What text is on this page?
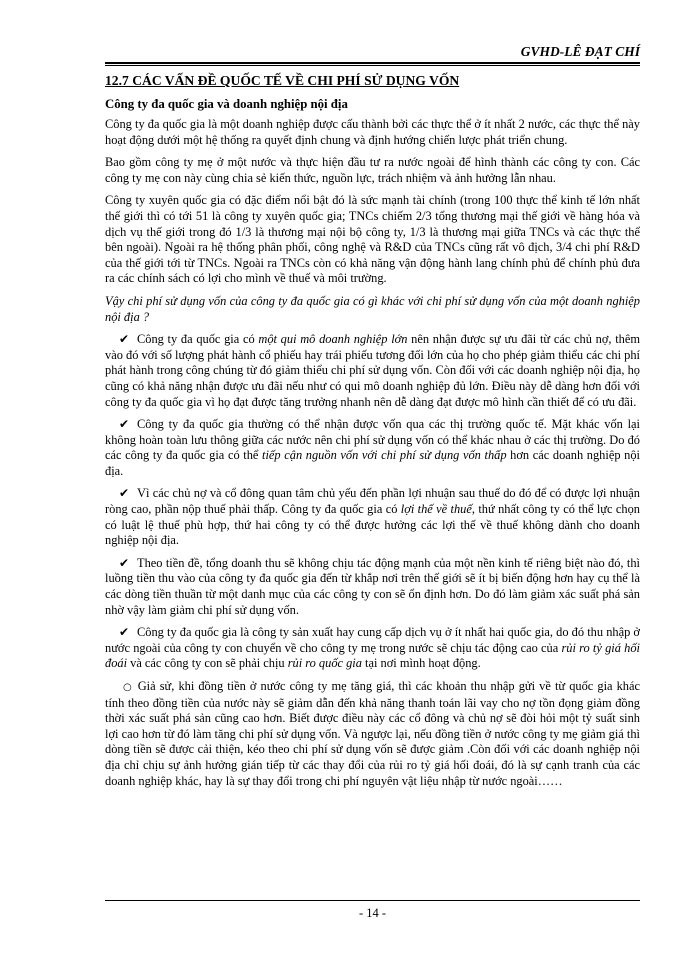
GVHD-LÊ ĐẠT CHÍ
12.7 CÁC VẤN ĐỀ QUỐC TẾ VỀ CHI PHÍ SỬ DỤNG VỐN
Công ty đa quốc gia và doanh nghiệp nội địa

Công ty đa quốc gia là một doanh nghiệp được cấu thành bởi các thực thể ở ít nhất 2 nước, các thực thể này hoạt động dưới một hệ thống ra quyết định chung và định hướng chiến lược phát triển chung.

Bao gồm công ty mẹ ở một nước và thực hiện đầu tư ra nước ngoài để hình thành các công ty con. Các công ty mẹ con này cùng chia sẻ kiến thức, nguồn lực, trách nhiệm và ảnh hưởng lẫn nhau.

Công ty xuyên quốc gia có đặc điểm nổi bật đó là sức mạnh tài chính (trong 100 thực thể kinh tế lớn nhất thế giới thì có tới 51 là công ty xuyên quốc gia; TNCs chiếm 2/3 tổng thương mại thế giới về hàng hóa và dịch vụ thế giới trong đó 1/3 là thương mại nội bộ công ty, 1/3 là thương mại giữa TNCs và các thực thể bên ngoài). Ngoài ra hệ thống phân phối, công nghệ và R&D của TNCs cũng rất vô địch, 3/4 chi phí R&D của thế giới tới từ TNCs. Ngoài ra TNCs còn có khả năng vận động hành lang chính phủ để chính phủ đưa ra các chính sách có lợi cho mình về thuế và môi trường.

Vậy chi phí sử dụng vốn của công ty đa quốc gia có gì khác với chi phí sử dụng vốn của một doanh nghiệp nội địa ?

✔ Công ty đa quốc gia có một qui mô doanh nghiệp lớn nên nhận được sự ưu đãi từ các chủ nợ, thêm vào đó với số lượng phát hành cổ phiếu hay trái phiếu tương đối lớn của họ cho phép giảm thiểu các chi phí phát hành trong công chúng từ đó giảm thiểu chi phí sử dụng vốn. Còn đối với các doanh nghiệp nội địa, họ cũng có khả năng nhận được ưu đãi nếu như có qui mô doanh nghiệp đủ lớn. Điều này dễ dàng hơn đối với công ty đa quốc gia vì họ đạt được tăng trưởng nhanh nên dễ dàng đạt được mô hình cần thiết để có ưu đãi.

✔ Công ty đa quốc gia thường có thể nhận được vốn qua các thị trường quốc tế. Mặt khác vốn lại không hoàn toàn lưu thông giữa các nước nên chi phí sử dụng vốn có thể khác nhau ở các thị trường. Do đó các công ty đa quốc gia có thể tiếp cận nguồn vốn với chi phí sử dụng vốn thấp hơn các doanh nghiệp nội địa.

✔ Vì các chủ nợ và cổ đông quan tâm chủ yếu đến phần lợi nhuận sau thuế do đó để có được lợi nhuận ròng cao, phần nộp thuế phải thấp. Công ty đa quốc gia có lợi thế về thuế, thứ nhất công ty có thể lực chọn có luật lệ thuế phù hợp, thứ hai công ty có thể được hưởng các lợi thế về thuế không dành cho doanh nghiệp nội địa.

✔ Theo tiền đề, tổng doanh thu sẽ không chịu tác động mạnh của một nền kinh tế riêng biệt nào đó, thì luồng tiền thu vào của công ty đa quốc gia đến từ khắp nơi trên thế giới sẽ ít bị biến động hơn hay cụ thể là các dòng tiền thuần từ một danh mục của các công ty con sẽ ổn định hơn. Do đó làm giảm xác suất phá sản nhờ vậy làm giảm chi phí sử dụng vốn.

✔ Công ty đa quốc gia là công ty sản xuất hay cung cấp dịch vụ ở ít nhất hai quốc gia, do đó thu nhập ở nước ngoài của công ty con chuyển về cho công ty mẹ trong nước sẽ chịu tác động cao của rủi ro tỷ giá hối đoái và các công ty con sẽ phải chịu rủi ro quốc gia tại nơi mình hoạt động.

○ Giả sử, khi đồng tiền ở nước công ty mẹ tăng giá, thì các khoản thu nhập gửi về từ quốc gia khác tính theo đồng tiền của nước này sẽ giảm dẫn đến khả năng thanh toán lãi vay cho nợ tồn đọng giảm đồng thời xác suất phá sản cũng cao hơn. Biết được điều này các cổ đông và chủ nợ sẽ đòi hỏi một tỷ suất sinh lợi cao hơn từ đó làm tăng chi phí sử dụng vốn. Và ngược lại, nếu đồng tiền ở nước công ty mẹ giảm giá thì dòng tiền sẽ được cải thiện, kéo theo chi phí sử dụng vốn sẽ được giảm .Còn đối với các doanh nghiệp nội địa chỉ chịu sự ảnh hưởng gián tiếp từ các thay đổi của rủi ro tỷ giá hối đoái, đó là sự cạnh tranh của các doanh nghiệp khác, hay là sự thay đổi trong chi phí nguyên vật liệu nhập từ nước ngoài……

- 14 -
